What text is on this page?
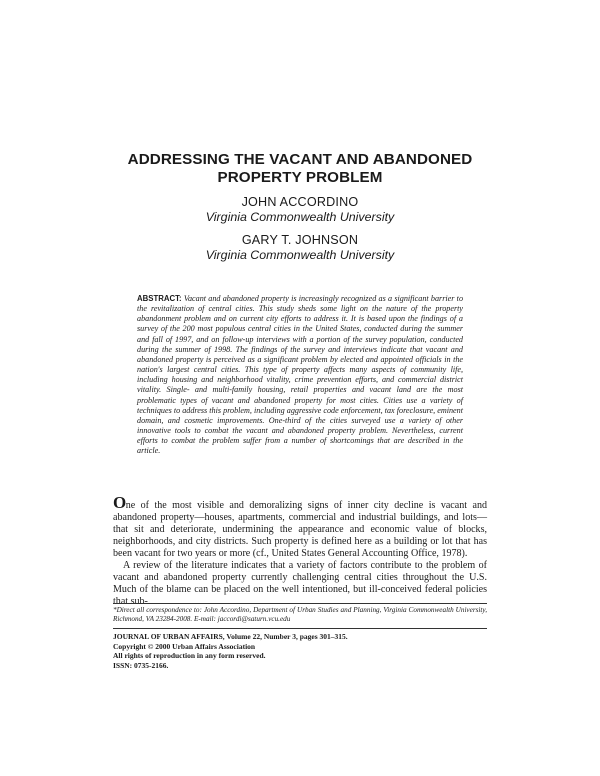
ADDRESSING THE VACANT AND ABANDONED
PROPERTY PROBLEM
JOHN ACCORDINO
Virginia Commonwealth University
GARY T. JOHNSON
Virginia Commonwealth University

ABSTRACT: Vacant and abandoned property is increasingly recognized as a significant barrier to the revitalization of central cities. This study sheds some light on the nature of the property abandonment problem and on current city efforts to address it. It is based upon the findings of a survey of the 200 most populous central cities in the United States, conducted during the summer and fall of 1997, and on follow-up interviews with a portion of the survey population, conducted during the summer of 1998. The findings of the survey and interviews indicate that vacant and abandoned property is perceived as a significant problem by elected and appointed officials in the nation's largest central cities. This type of property affects many aspects of community life, including housing and neighborhood vitality, crime prevention efforts, and commercial district vitality. Single- and multi-family housing, retail properties and vacant land are the most problematic types of vacant and abandoned property for most cities. Cities use a variety of techniques to address this problem, including aggressive code enforcement, tax foreclosure, eminent domain, and cosmetic improvements. One-third of the cities surveyed use a variety of other innovative tools to combat the vacant and abandoned property problem. Nevertheless, current efforts to combat the problem suffer from a number of shortcomings that are described in the article.

One of the most visible and demoralizing signs of inner city decline is vacant and abandoned property—houses, apartments, commercial and industrial buildings, and lots—that sit and deteriorate, undermining the appearance and economic value of blocks, neighborhoods, and city districts. Such property is defined here as a building or lot that has been vacant for two years or more (cf., United States General Accounting Office, 1978).

A review of the literature indicates that a variety of factors contribute to the problem of vacant and abandoned property currently challenging central cities throughout the U.S. Much of the blame can be placed on the well intentioned, but ill-conceived federal policies that sub-

*Direct all correspondence to: John Accordino, Department of Urban Studies and Planning, Virginia Commonwealth University, Richmond, VA 23284-2008. E-mail: jaccordi@saturn.vcu.edu

JOURNAL OF URBAN AFFAIRS, Volume 22, Number 3, pages 301–315.
Copyright © 2000 Urban Affairs Association
All rights of reproduction in any form reserved.
ISSN: 0735-2166.
